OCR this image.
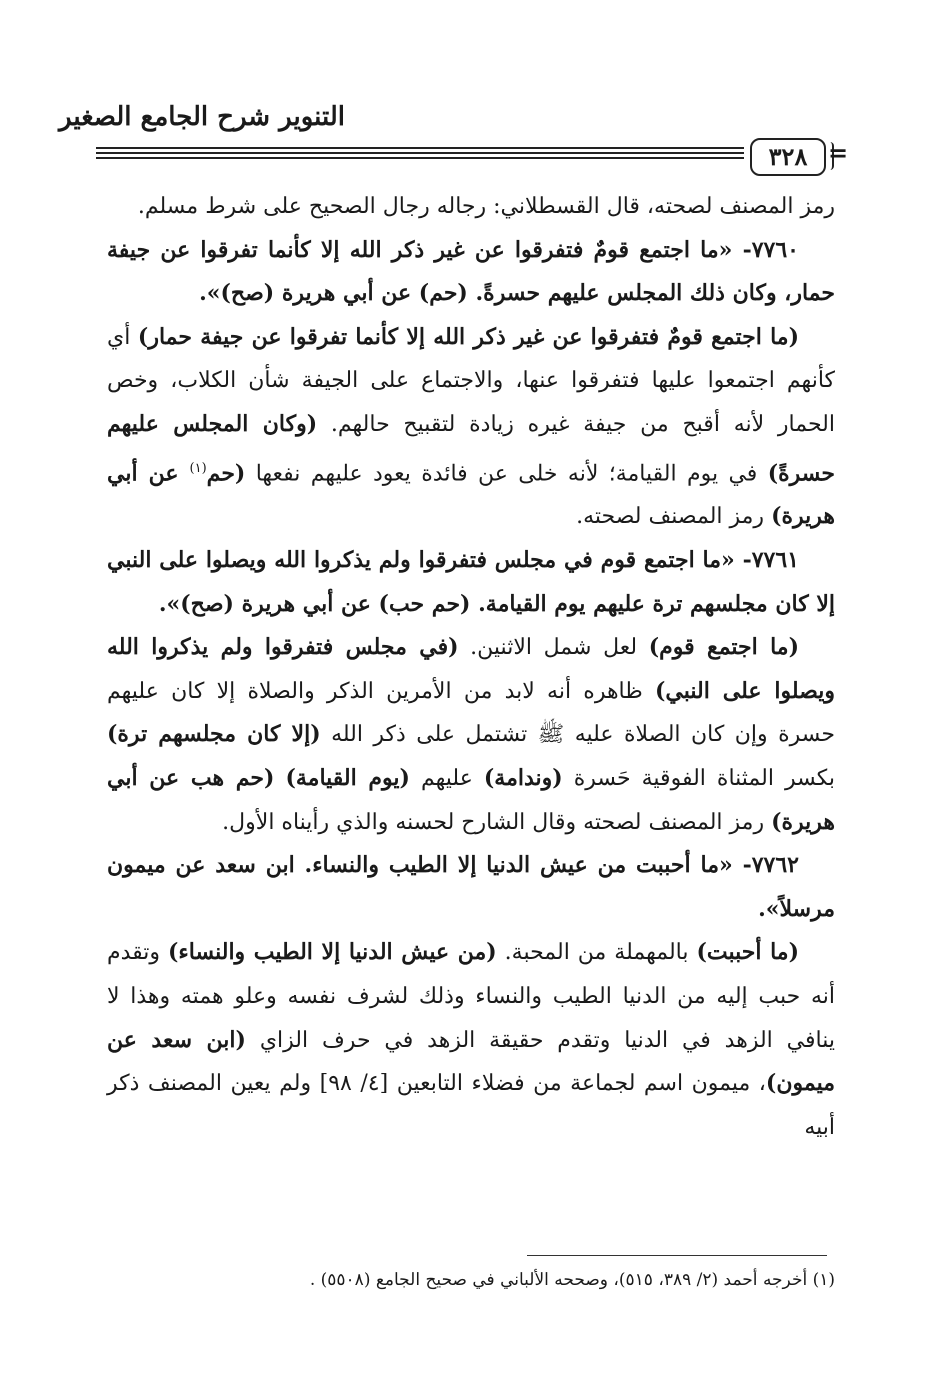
التنوير شرح الجامع الصغير
٣٢٨ =

رمز المصنف لصحته، قال القسطلاني: رجاله رجال الصحيح على شرط مسلم.

٧٧٦٠- «ما اجتمع قومٌ فتفرقوا عن غير ذكر الله إلا كأنما تفرقوا عن جيفة حمار، وكان ذلك المجلس عليهم حسرةً. (حم) عن أبي هريرة (صح)».

(ما اجتمع قومٌ فتفرقوا عن غير ذكر الله إلا كأنما تفرقوا عن جيفة حمار) أي كأنهم اجتمعوا عليها فتفرقوا عنها، والاجتماع على الجيفة شأن الكلاب، وخص الحمار لأنه أقبح من جيفة غيره زيادة لتقبيح حالهم. (وكان المجلس عليهم حسرةً) في يوم القيامة؛ لأنه خلى عن فائدة يعود عليهم نفعها (حم$^{(١)}$ عن أبي هريرة) رمز المصنف لصحته.

٧٧٦١- «ما اجتمع قوم في مجلس فتفرقوا ولم يذكروا الله ويصلوا على النبي إلا كان مجلسهم ترة عليهم يوم القيامة. (حم حب) عن أبي هريرة (صح)».

(ما اجتمع قوم) لعل شمل الاثنين. (في مجلس فتفرقوا ولم يذكروا الله ويصلوا على النبي) ظاهره أنه لابد من الأمرين الذكر والصلاة إلا كان عليهم حسرة وإن كان الصلاة عليه ﷺ تشتمل على ذكر الله (إلا كان مجلسهم ترة) بكسر المثناة الفوقية حَسرة (وندامة) عليهم (يوم القيامة) (حم هب عن أبي هريرة) رمز المصنف لصحته وقال الشارح لحسنه والذي رأيناه الأول.

٧٧٦٢- «ما أحببت من عيش الدنيا إلا الطيب والنساء. ابن سعد عن ميمون مرسلاً».

(ما أحببت) بالمهملة من المحبة. (من عيش الدنيا إلا الطيب والنساء) وتقدم أنه حبب إليه من الدنيا الطيب والنساء وذلك لشرف نفسه وعلو همته وهذا لا ينافي الزهد في الدنيا وتقدم حقيقة الزهد في حرف الزاي (ابن سعد عن ميمون)، ميمون اسم لجماعة من فضلاء التابعين [٤/ ٩٨] ولم يعين المصنف ذكر أبيه

(١) أخرجه أحمد (٢/ ٣٨٩، ٥١٥)، وصححه الألباني في صحيح الجامع (٥٥٠٨) .
